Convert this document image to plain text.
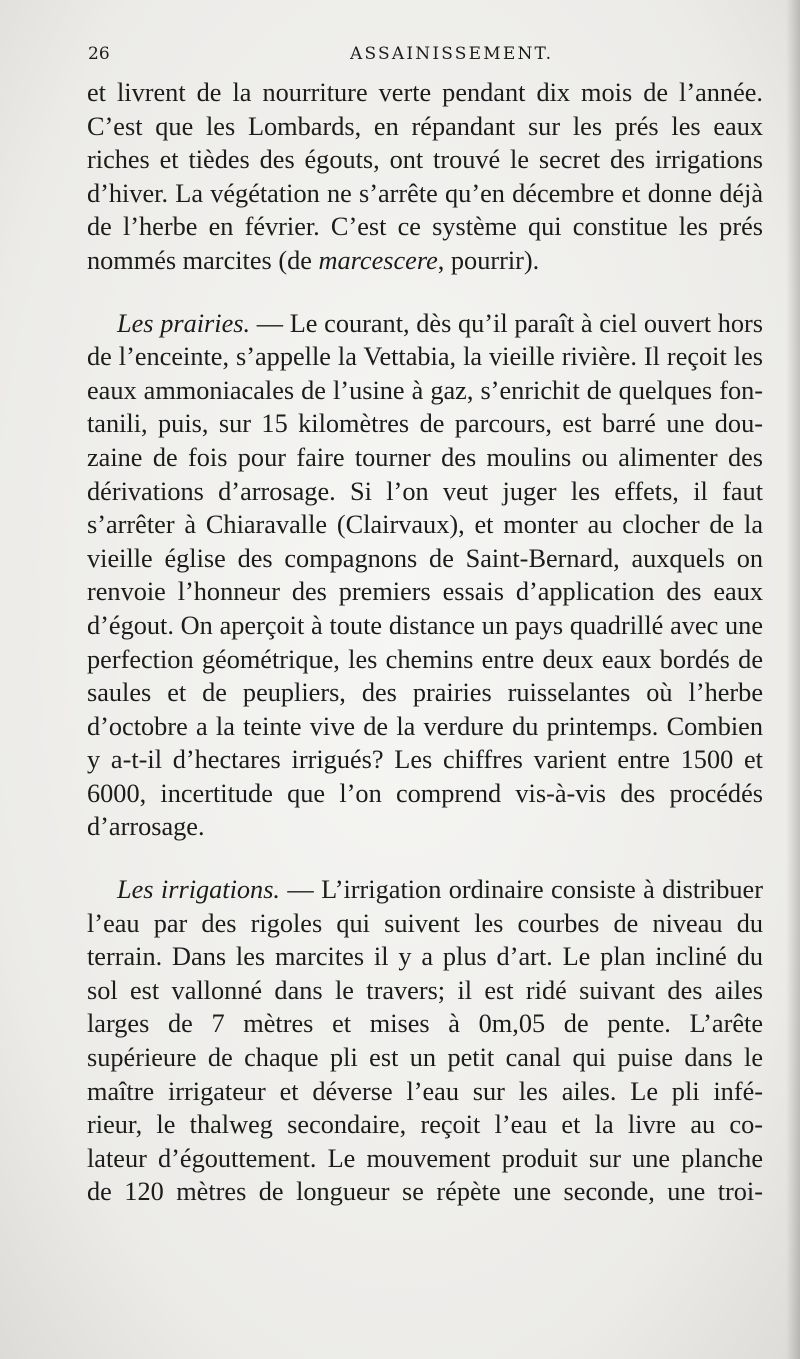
26	ASSAINISSEMENT.
et livrent de la nourriture verte pendant dix mois de l’année.
C’est que les Lombards, en répandant sur les prés les eaux
riches et tièdes des égouts, ont trouvé le secret des irrigations
d’hiver. La végétation ne s’arrête qu’en décembre et donne déjà
de l’herbe en février. C’est ce système qui constitue les prés
nommés marcites (de marcescere, pourrir).
Les prairies. — Le courant, dès qu’il paraît à ciel ouvert hors
de l’enceinte, s’appelle la Vettabia, la vieille rivière. Il reçoit les
eaux ammoniacales de l’usine à gaz, s’enrichit de quelques fon-
tanili, puis, sur 15 kilomètres de parcours, est barré une dou-
zaine de fois pour faire tourner des moulins ou alimenter des
dérivations d’arrosage. Si l’on veut juger les effets, il faut
s’arrêter à Chiaravalle (Clairvaux), et monter au clocher de la
vieille église des compagnons de Saint-Bernard, auxquels on
renvoie l’honneur des premiers essais d’application des eaux
d’égout. On aperçoit à toute distance un pays quadrillé avec une
perfection géométrique, les chemins entre deux eaux bordés de
saules et de peupliers, des prairies ruisselantes où l’herbe
d’octobre a la teinte vive de la verdure du printemps. Combien
y a-t-il d’hectares irrigués? Les chiffres varient entre 1500 et
6000, incertitude que l’on comprend vis-à-vis des procédés
d’arrosage.
Les irrigations. — L’irrigation ordinaire consiste à distribuer
l’eau par des rigoles qui suivent les courbes de niveau du
terrain. Dans les marcites il y a plus d’art. Le plan incliné du
sol est vallonné dans le travers; il est ridé suivant des ailes
larges de 7 mètres et mises à 0m,05 de pente. L’arête
supérieure de chaque pli est un petit canal qui puise dans le
maître irrigateur et déverse l’eau sur les ailes. Le pli infé-
rieur, le thalweg secondaire, reçoit l’eau et la livre au co-
lateur d’égouttement. Le mouvement produit sur une planche
de 120 mètres de longueur se répète une seconde, une troi-
